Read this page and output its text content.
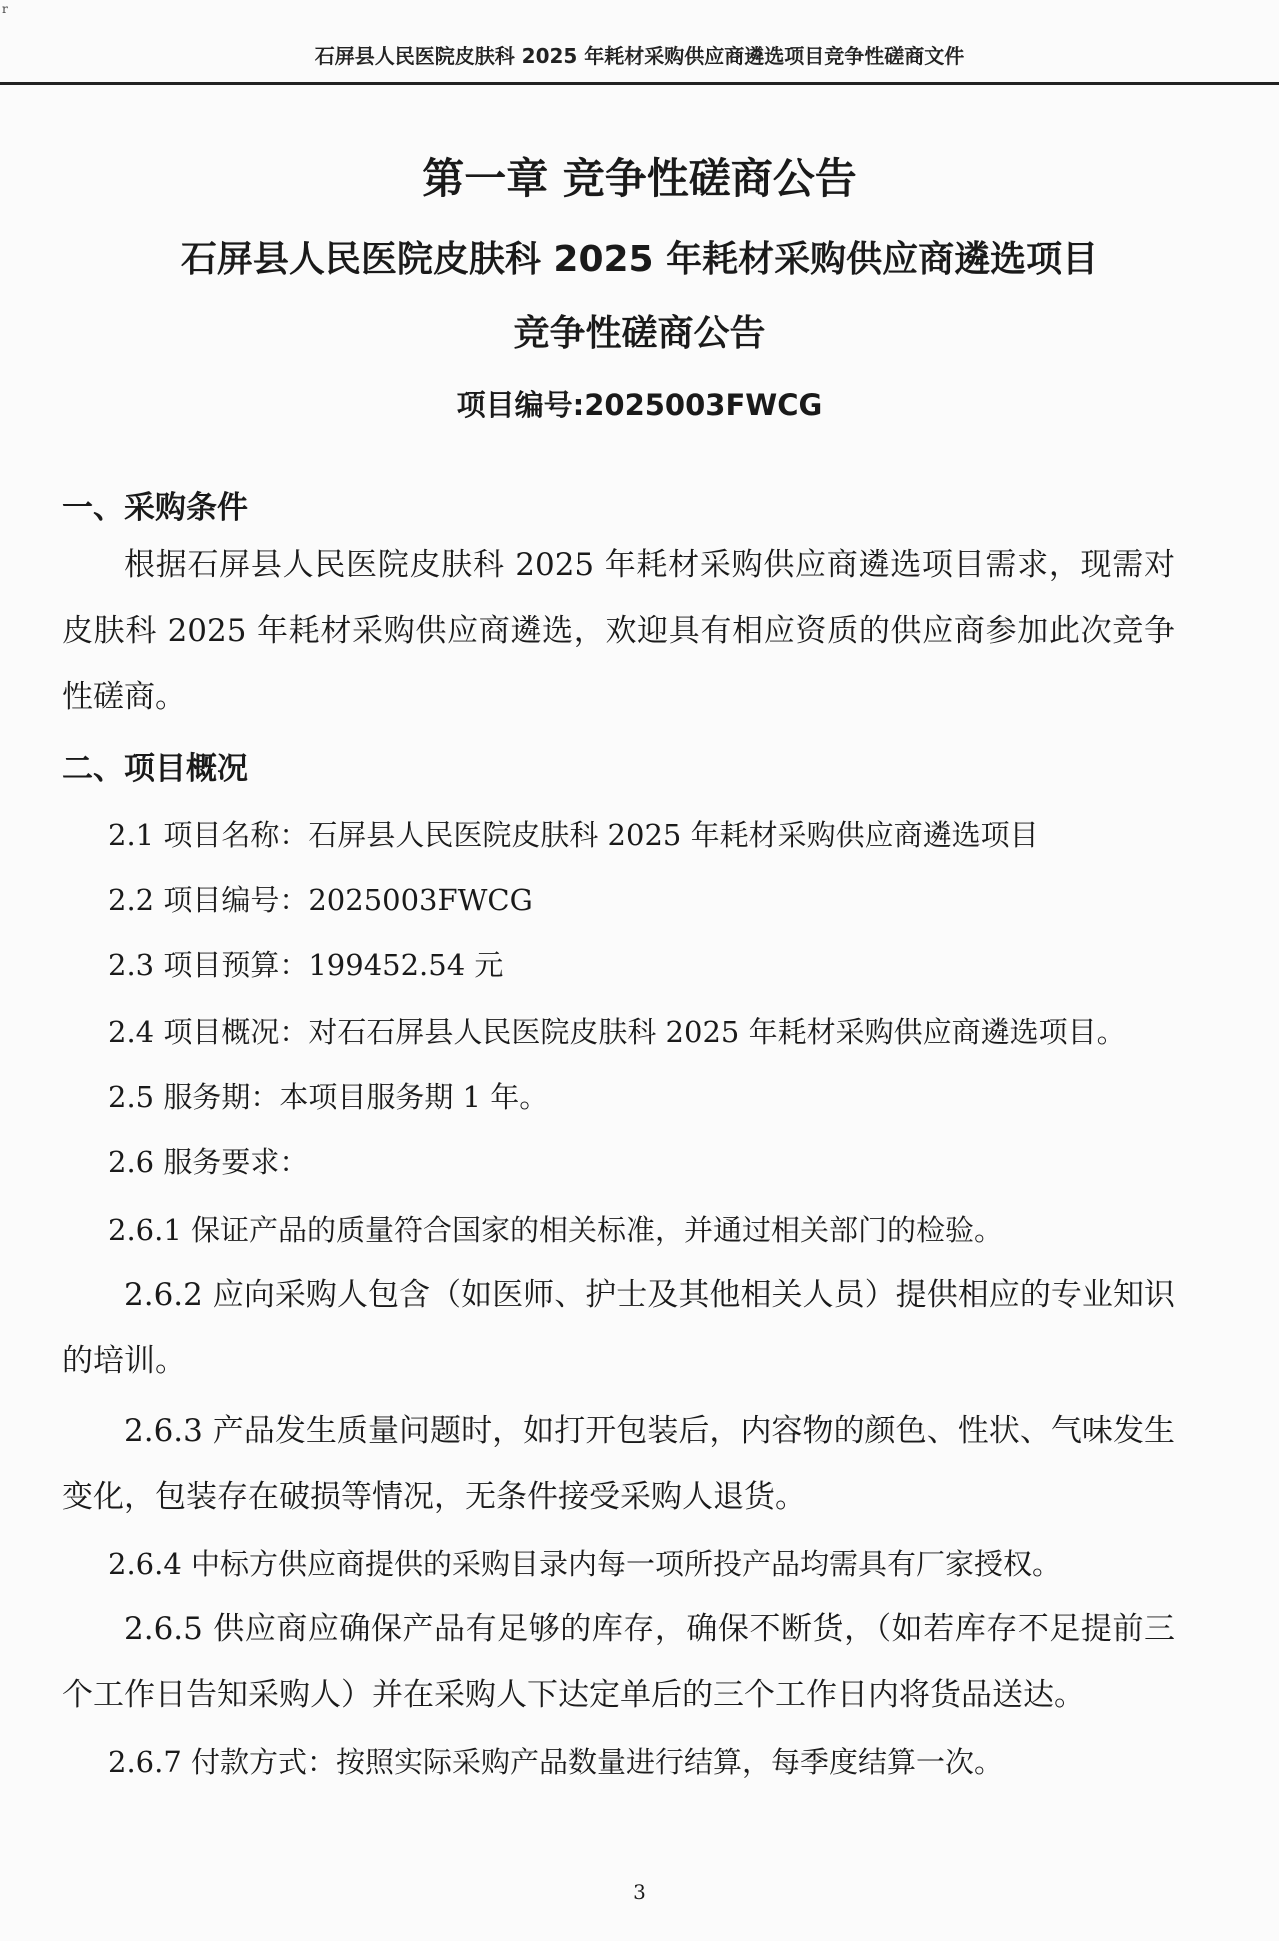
r
石屏县人民医院皮肤科 2025 年耗材采购供应商遴选项目竞争性磋商文件
第一章 竞争性磋商公告
石屏县人民医院皮肤科 2025 年耗材采购供应商遴选项目
竞争性磋商公告
项目编号:2025003FWCG
一、采购条件
根据石屏县人民医院皮肤科 2025 年耗材采购供应商遴选项目需求，现需对皮肤科 2025 年耗材采购供应商遴选，欢迎具有相应资质的供应商参加此次竞争性磋商。
二、项目概况
2.1 项目名称：石屏县人民医院皮肤科 2025 年耗材采购供应商遴选项目
2.2 项目编号：2025003FWCG
2.3 项目预算：199452.54 元
2.4 项目概况：对石石屏县人民医院皮肤科 2025 年耗材采购供应商遴选项目。
2.5 服务期：本项目服务期 1 年。
2.6 服务要求：
2.6.1 保证产品的质量符合国家的相关标准，并通过相关部门的检验。
2.6.2 应向采购人包含（如医师、护士及其他相关人员）提供相应的专业知识的培训。
2.6.3 产品发生质量问题时，如打开包装后，内容物的颜色、性状、气味发生变化，包装存在破损等情况，无条件接受采购人退货。
2.6.4 中标方供应商提供的采购目录内每一项所投产品均需具有厂家授权。
2.6.5 供应商应确保产品有足够的库存，确保不断货，（如若库存不足提前三个工作日告知采购人）并在采购人下达定单后的三个工作日内将货品送达。
2.6.7 付款方式：按照实际采购产品数量进行结算，每季度结算一次。
3
